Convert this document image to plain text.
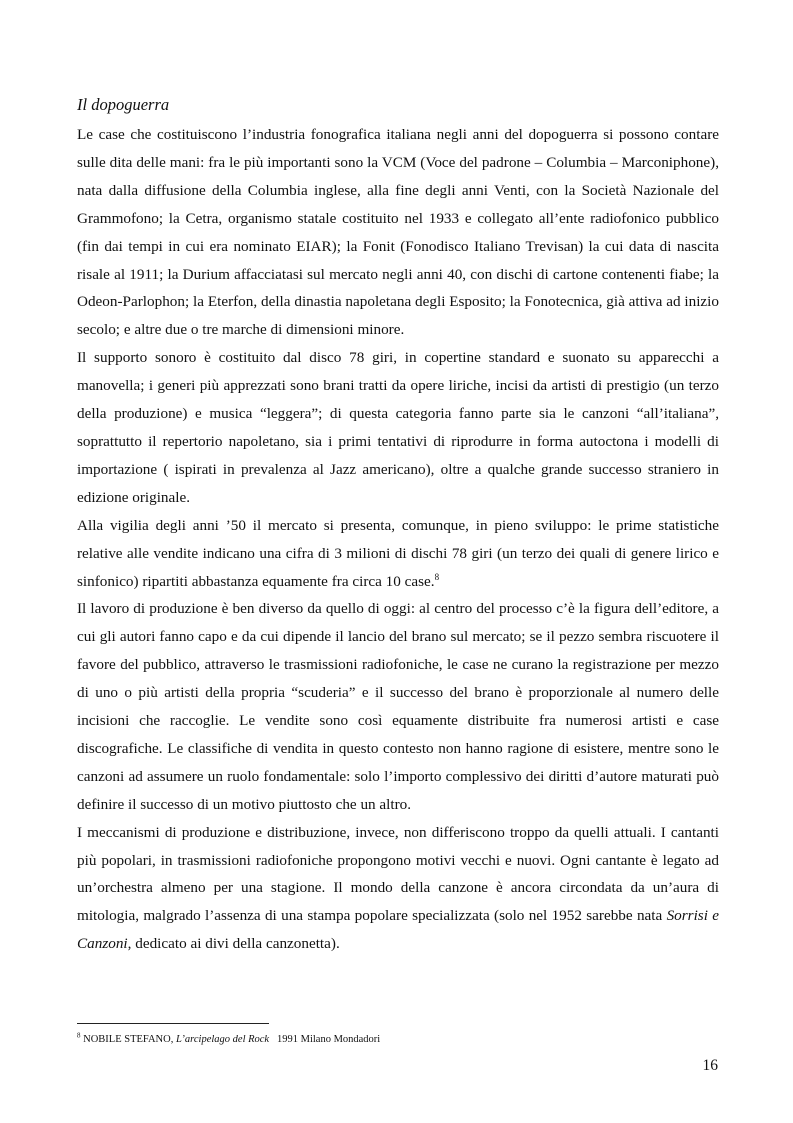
Il dopoguerra

Le case che costituiscono l’industria fonografica italiana negli anni del dopoguerra si possono contare sulle dita delle mani: fra le più importanti sono la VCM (Voce del padrone – Columbia – Marconiphone), nata dalla diffusione della Columbia inglese, alla fine degli anni Venti, con la Società Nazionale del Grammofono; la Cetra, organismo statale costituito nel 1933 e collegato all’ente radiofonico pubblico (fin dai tempi in cui era nominato EIAR); la Fonit (Fonodisco Italiano Trevisan) la cui data di nascita risale al 1911; la Durium affacciatasi sul mercato negli anni 40, con dischi di cartone contenenti fiabe; la Odeon-Parlophon; la Eterfon, della dinastia napoletana degli Esposito; la Fonotecnica, già attiva ad inizio secolo; e altre due o tre marche di dimensioni minore.

Il supporto sonoro è costituito dal disco 78 giri, in copertine standard e suonato su apparecchi a manovella; i generi più apprezzati sono brani tratti da opere liriche, incisi da artisti di prestigio (un terzo della produzione) e musica “leggera”; di questa categoria fanno parte sia le canzoni “all’italiana”, soprattutto il repertorio napoletano, sia i primi tentativi di riprodurre in forma autoctona i modelli di importazione ( ispirati in prevalenza al Jazz americano), oltre a qualche grande successo straniero in edizione originale.

Alla vigilia degli anni ’50 il mercato si presenta, comunque, in pieno sviluppo: le prime statistiche relative alle vendite indicano una cifra di 3 milioni di dischi 78 giri (un terzo dei quali di genere lirico e sinfonico) ripartiti abbastanza equamente fra circa 10 case.$^8$

Il lavoro di produzione è ben diverso da quello di oggi: al centro del processo c’è la figura dell’editore, a cui gli autori fanno capo e da cui dipende il lancio del brano sul mercato; se il pezzo sembra riscuotere il favore del pubblico, attraverso le trasmissioni radiofoniche, le case ne curano la registrazione per mezzo di uno o più artisti della propria “scuderia” e il successo del brano è proporzionale al numero delle incisioni che raccoglie. Le vendite sono così equamente distribuite fra numerosi artisti e case discografiche. Le classifiche di vendita in questo contesto non hanno ragione di esistere, mentre sono le canzoni ad assumere un ruolo fondamentale: solo l’importo complessivo dei diritti d’autore maturati può definire il successo di un motivo piuttosto che un altro.

I meccanismi di produzione e distribuzione, invece, non differiscono troppo da quelli attuali. I cantanti più popolari, in trasmissioni radiofoniche propongono motivi vecchi e nuovi. Ogni cantante è legato ad un’orchestra almeno per una stagione. Il mondo della canzone è ancora circondata da un’aura di mitologia, malgrado l’assenza di una stampa popolare specializzata (solo nel 1952 sarebbe nata Sorrisi e Canzoni, dedicato ai divi della canzonetta).

$^8$ NOBILE STEFANO, L’arcipelago del Rock   1991 Milano Mondadori
16
